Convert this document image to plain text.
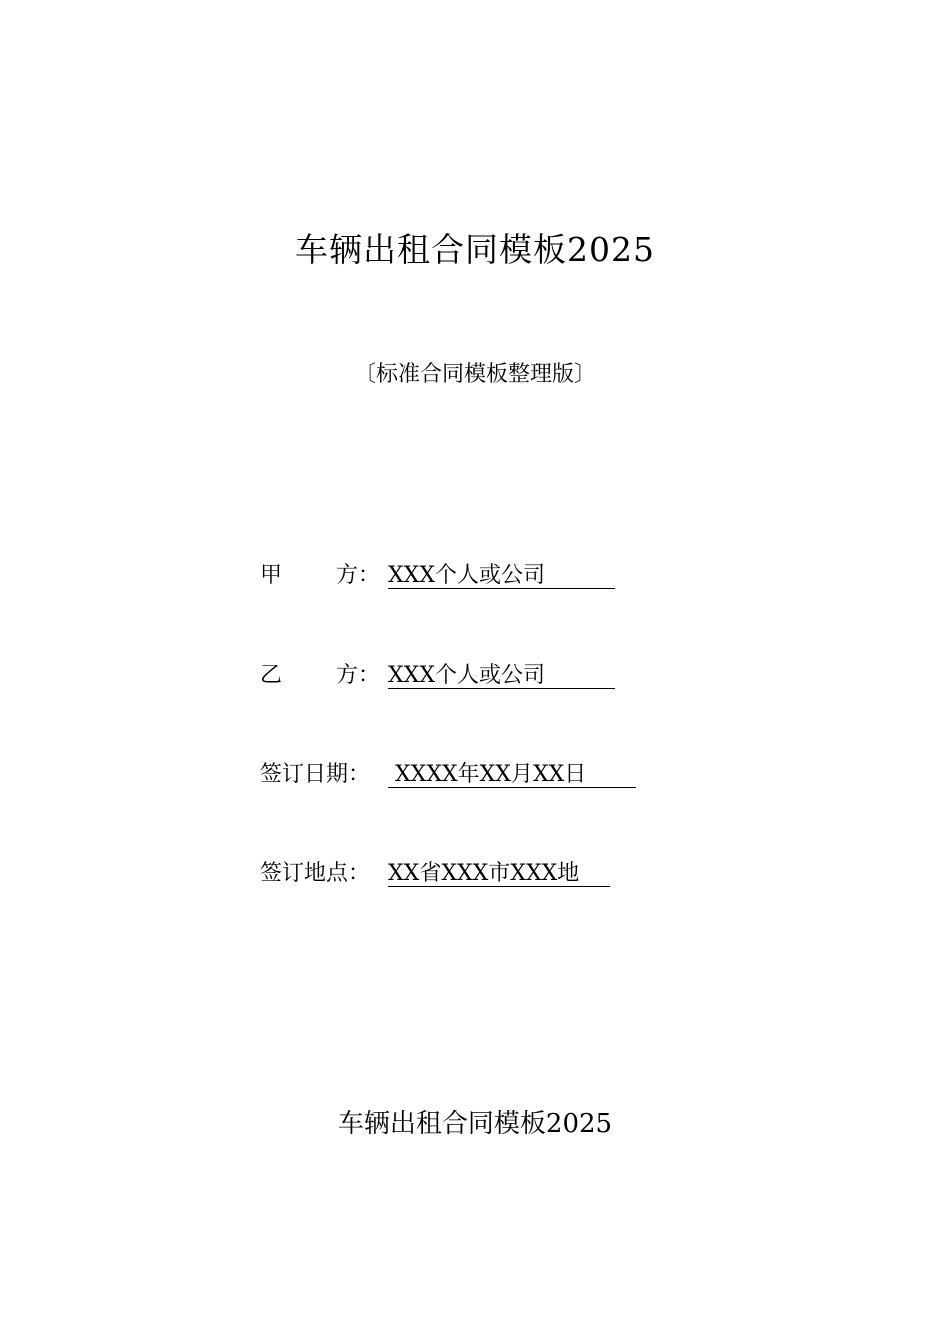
车辆出租合同模板2025
〔标准合同模板整理版〕
甲 方： XXX个人或公司
乙 方： XXX个人或公司
签订日期： XXXX年XX月XX日
签订地点： XX省XXX市XXX地
车辆出租合同模板2025
